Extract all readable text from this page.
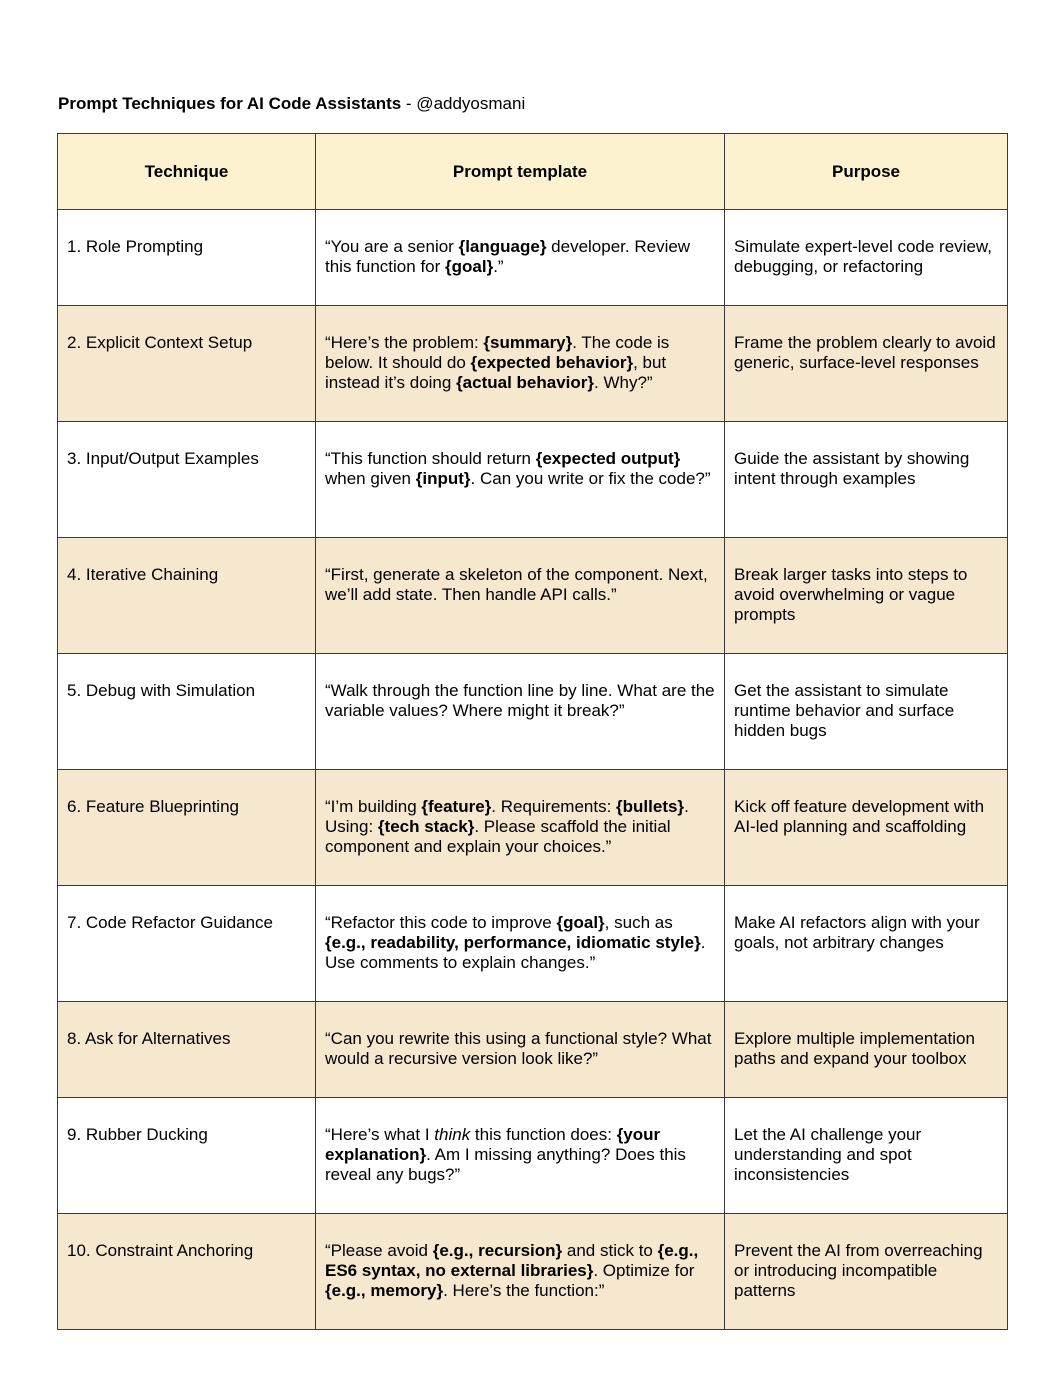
Prompt Techniques for AI Code Assistants - @addyosmani
Technique	Prompt template	Purpose
1. Role Prompting	“You are a senior {language} developer. Review this function for {goal}.”	Simulate expert-level code review, debugging, or refactoring
2. Explicit Context Setup	“Here’s the problem: {summary}. The code is below. It should do {expected behavior}, but instead it’s doing {actual behavior}. Why?”	Frame the problem clearly to avoid generic, surface-level responses
3. Input/Output Examples	“This function should return {expected output} when given {input}. Can you write or fix the code?”	Guide the assistant by showing intent through examples
4. Iterative Chaining	“First, generate a skeleton of the component. Next, we’ll add state. Then handle API calls.”	Break larger tasks into steps to avoid overwhelming or vague prompts
5. Debug with Simulation	“Walk through the function line by line. What are the variable values? Where might it break?”	Get the assistant to simulate runtime behavior and surface hidden bugs
6. Feature Blueprinting	“I’m building {feature}. Requirements: {bullets}. Using: {tech stack}. Please scaffold the initial component and explain your choices.”	Kick off feature development with AI-led planning and scaffolding
7. Code Refactor Guidance	“Refactor this code to improve {goal}, such as {e.g., readability, performance, idiomatic style}. Use comments to explain changes.”	Make AI refactors align with your goals, not arbitrary changes
8. Ask for Alternatives	“Can you rewrite this using a functional style? What would a recursive version look like?”	Explore multiple implementation paths and expand your toolbox
9. Rubber Ducking	“Here’s what I think this function does: {your explanation}. Am I missing anything? Does this reveal any bugs?”	Let the AI challenge your understanding and spot inconsistencies
10. Constraint Anchoring	“Please avoid {e.g., recursion} and stick to {e.g., ES6 syntax, no external libraries}. Optimize for {e.g., memory}. Here’s the function:”	Prevent the AI from overreaching or introducing incompatible patterns
